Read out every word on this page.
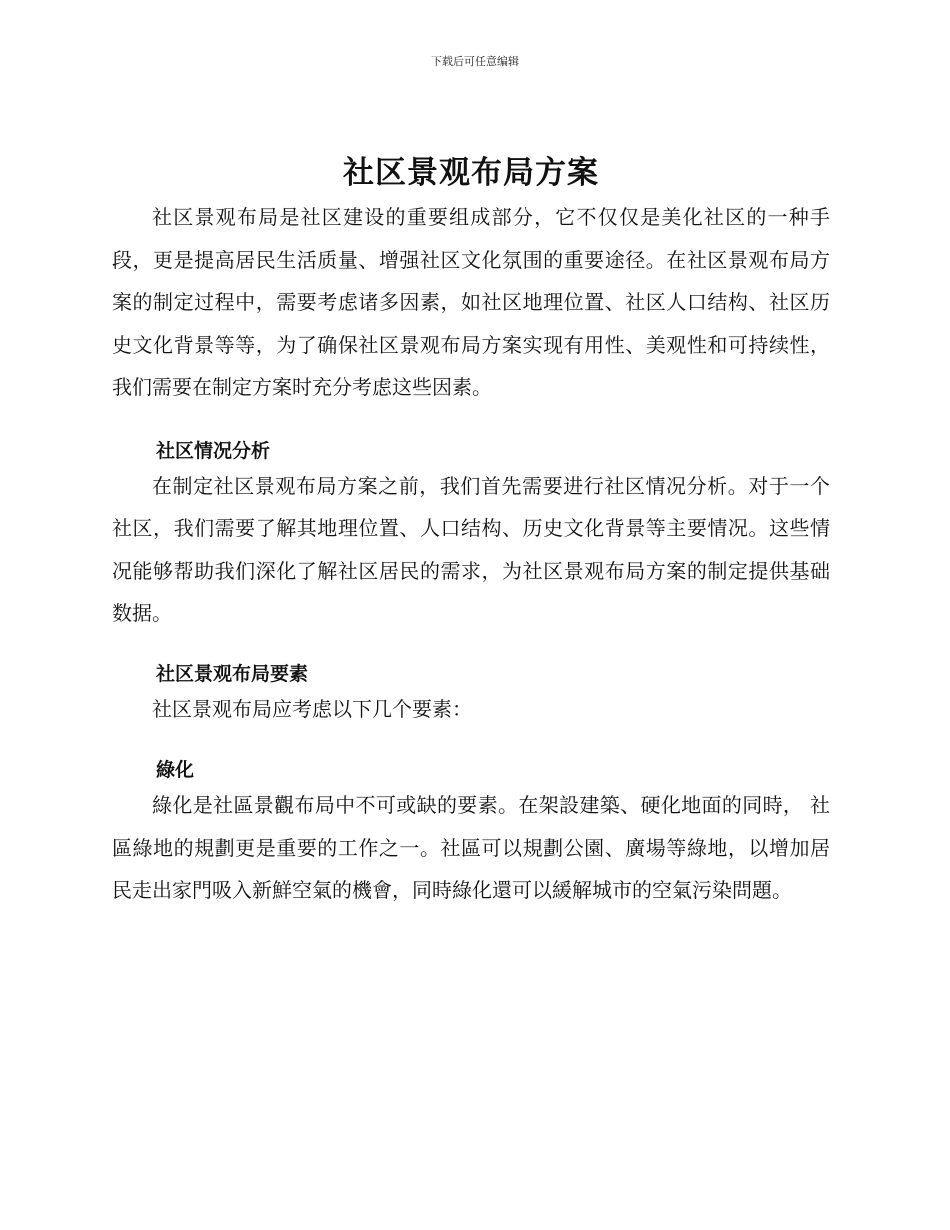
下载后可任意编辑
社区景观布局方案

社区景观布局是社区建设的重要组成部分，它不仅仅是美化社区的一种手段，更是提高居民生活质量、增强社区文化氛围的重要途径。在社区景观布局方案的制定过程中，需要考虑诸多因素，如社区地理位置、社区人口结构、社区历史文化背景等等，为了确保社区景观布局方案实现有用性、美观性和可持续性，我们需要在制定方案时充分考虑这些因素。

社区情况分析

在制定社区景观布局方案之前，我们首先需要进行社区情况分析。对于一个社区，我们需要了解其地理位置、人口结构、历史文化背景等主要情况。这些情况能够帮助我们深化了解社区居民的需求，为社区景观布局方案的制定提供基础数据。

社区景观布局要素

社区景观布局应考虑以下几个要素：

綠化

綠化是社區景觀布局中不可或缺的要素。在架設建築、硬化地面的同時， 社區綠地的規劃更是重要的工作之一。社區可以規劃公園、廣場等綠地，以增加居民走出家門吸入新鮮空氣的機會，同時綠化還可以緩解城市的空氣污染問題。
